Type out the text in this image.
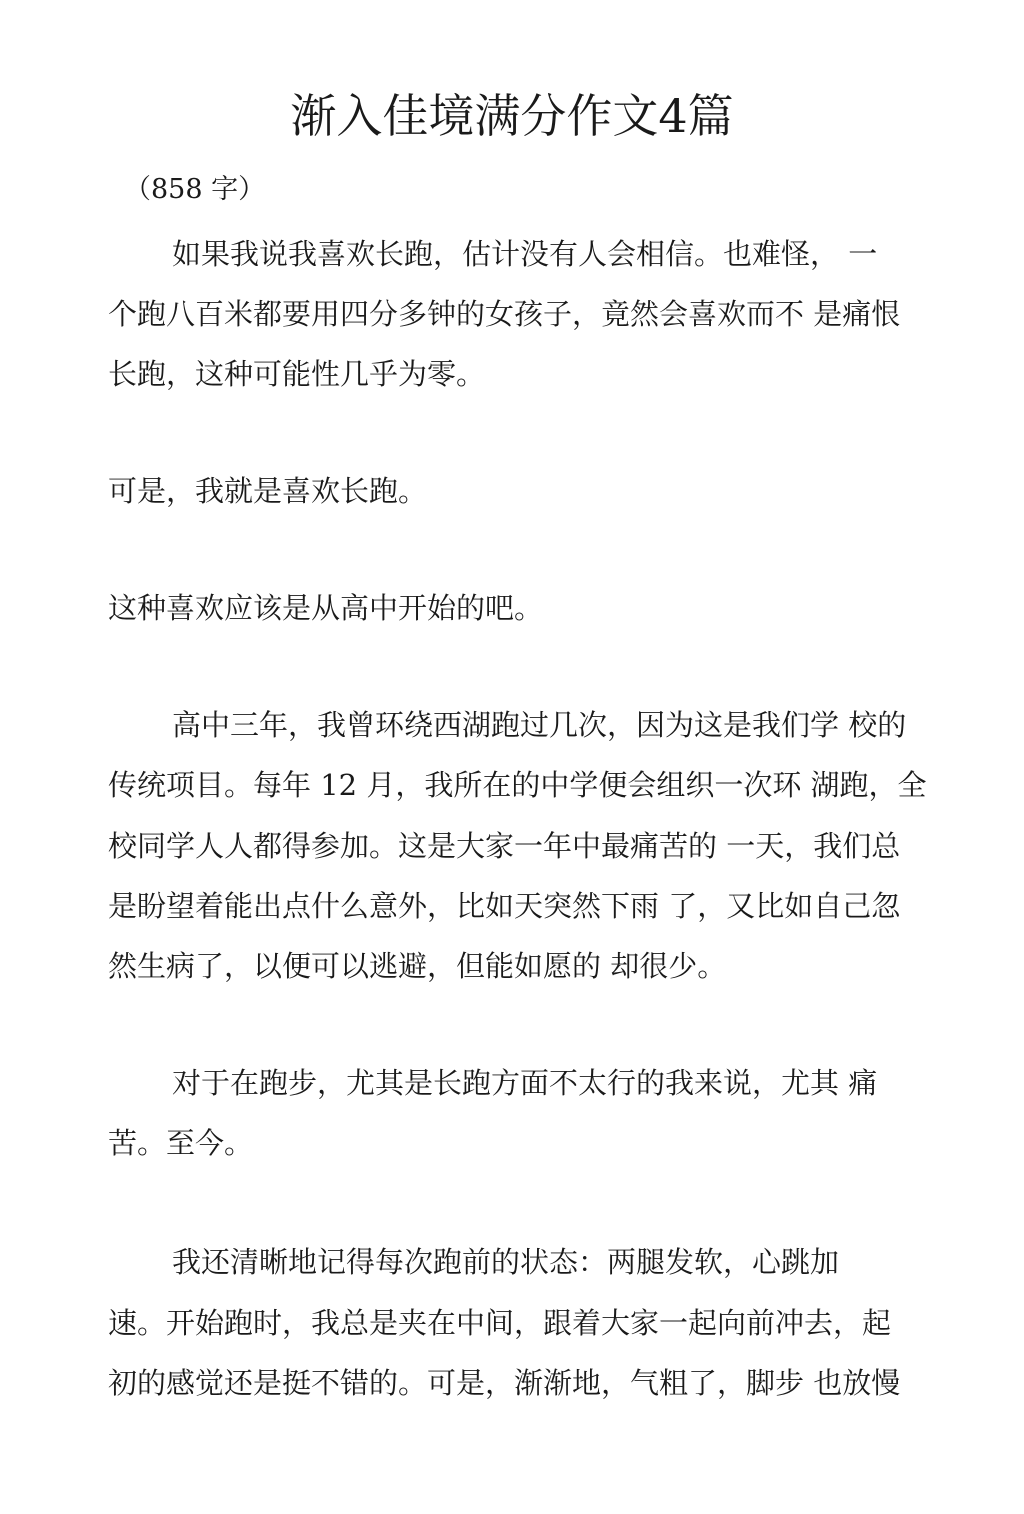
渐入佳境满分作文4篇

（858 字）

如果我说我喜欢长跑，估计没有人会相信。也难怪， 一

个跑八百米都要用四分多钟的女孩子，竟然会喜欢而不 是痛恨

长跑，这种可能性几乎为零。

可是，我就是喜欢长跑。

这种喜欢应该是从高中开始的吧。

高中三年，我曾环绕西湖跑过几次，因为这是我们学 校的

传统项目。每年 12 月，我所在的中学便会组织一次环 湖跑，全

校同学人人都得参加。这是大家一年中最痛苦的 一天，我们总

是盼望着能出点什么意外，比如天突然下雨 了，又比如自己忽

然生病了，以便可以逃避，但能如愿的 却很少。

对于在跑步，尤其是长跑方面不太行的我来说，尤其 痛

苦。至今。

我还清晰地记得每次跑前的状态：两腿发软，心跳加

速。开始跑时，我总是夹在中间，跟着大家一起向前冲去，起

初的感觉还是挺不错的。可是，渐渐地，气粗了，脚步 也放慢
